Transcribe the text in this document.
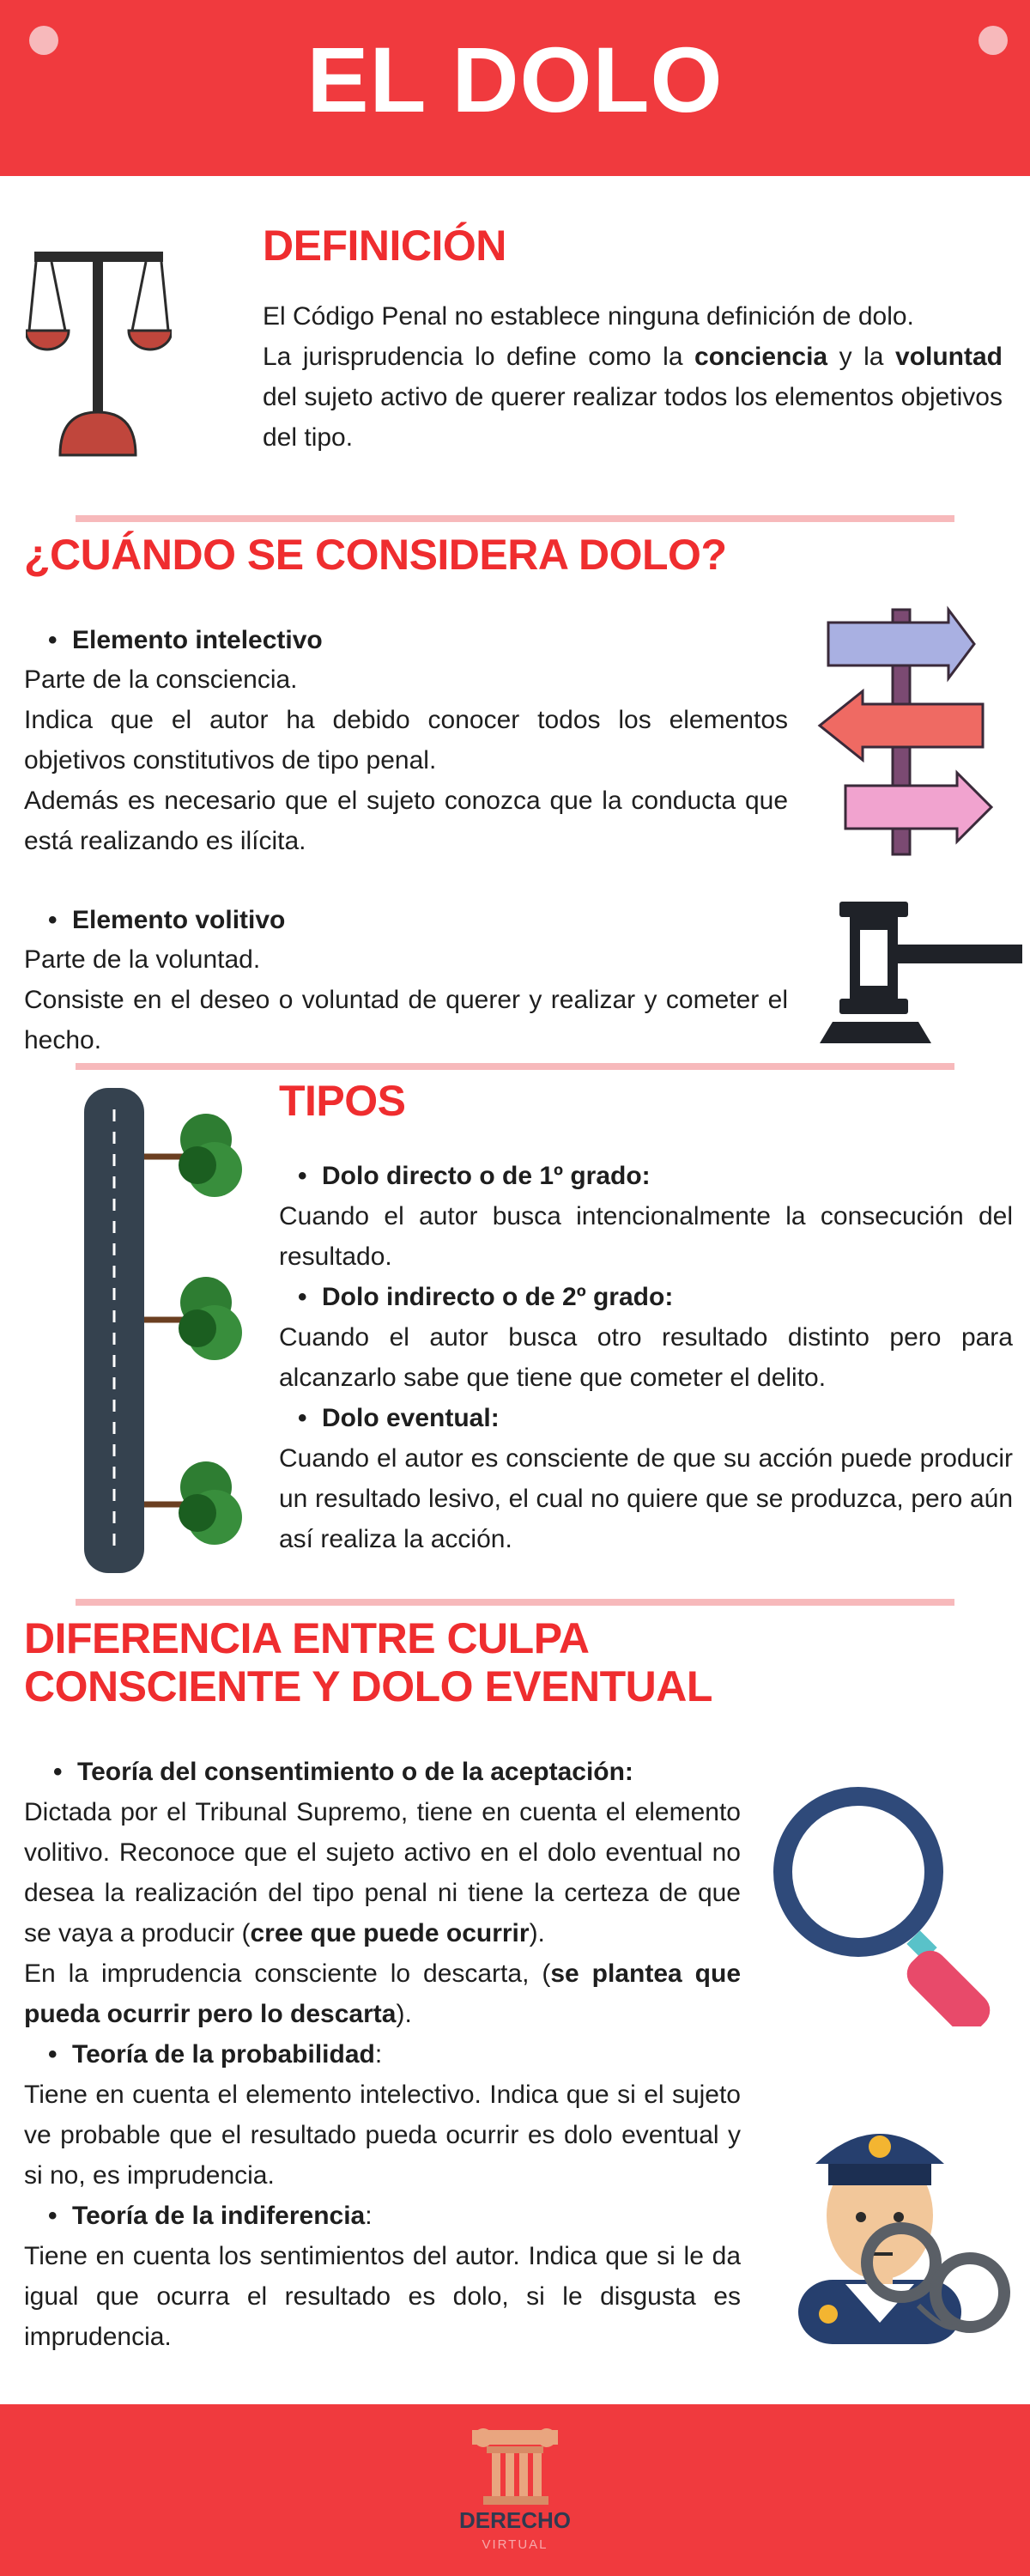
EL DOLO
DEFINICIÓN
El Código Penal no establece ninguna definición de dolo.
La jurisprudencia lo define como la conciencia y la voluntad del sujeto activo de querer realizar todos los elementos objetivos del tipo.
¿CUÁNDO SE CONSIDERA DOLO?
• Elemento intelectivo
Parte de la consciencia.
Indica que el autor ha debido conocer todos los elementos objetivos constitutivos de tipo penal.
Además es necesario que el sujeto conozca que la conducta que está realizando es ilícita.
• Elemento volitivo
Parte de la voluntad.
Consiste en el deseo o voluntad de querer y realizar y cometer el hecho.
TIPOS
• Dolo directo o de 1º grado:
Cuando el autor busca intencionalmente la consecución del resultado.
• Dolo indirecto o de 2º grado:
Cuando el autor busca otro resultado distinto pero para alcanzarlo sabe que tiene que cometer el delito.
• Dolo eventual:
Cuando el autor es consciente de que su acción puede producir un resultado lesivo, el cual no quiere que se produzca, pero aún así realiza la acción.
DIFERENCIA ENTRE CULPA
CONSCIENTE Y DOLO EVENTUAL
• Teoría del consentimiento o de la aceptación:
Dictada por el Tribunal Supremo, tiene en cuenta el elemento volitivo. Reconoce que el sujeto activo en el dolo eventual no desea la realización del tipo penal ni tiene la certeza de que se vaya a producir (cree que puede ocurrir).
En la imprudencia consciente lo descarta, (se plantea que pueda ocurrir pero lo descarta).
• Teoría de la probabilidad:
Tiene en cuenta el elemento intelectivo. Indica que si el sujeto ve probable que el resultado pueda ocurrir es dolo eventual y si no, es imprudencia.
• Teoría de la indiferencia:
Tiene en cuenta los sentimientos del autor. Indica que si le da igual que ocurra el resultado es dolo, si le disgusta es imprudencia.
DERECHO
VIRTUAL
